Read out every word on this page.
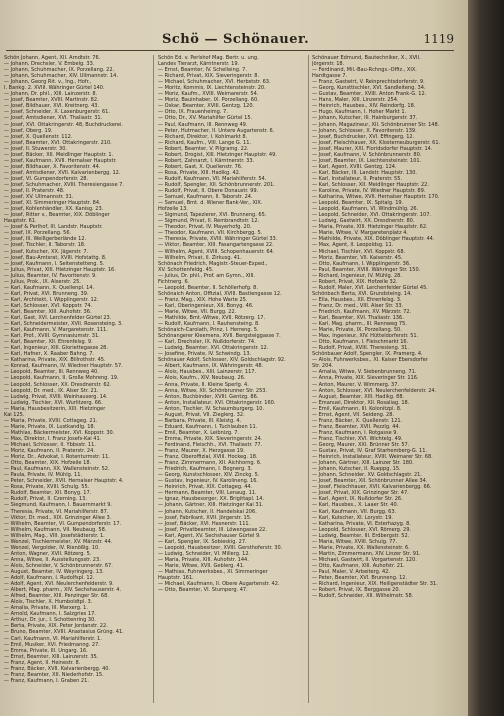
Schö — Schönauer.	1119
Schön Johann, Agent, XII. Arndtstr. 76.
— Johann, Drechsler, V. Embelg. 33.
— Johann, Schuhmacher, IX. Porzellang. 22.
— Johann, Schuhmacher, XIV. Ullmannstr. 14.
— Johann, Georg Rit. v., Ing., Hofr.,
I. Bankg. 2. XVIII. Währinger Gürtel 140.
— Johann, Dr. phil., XIII. Lainzerstr. 8.
— Josef, Beamter, XVIII. Martinstr. 82.
— Josef, Bildhauer, XVI. Kreitnerg. 43.
— Josef, Schneider, X. Laxenburgerstr. 61.
— Josef, Amtsdiener, XVI. Thaliastr. 31.
— Josef, XVI. Ottakringerstr. 48, Buchdruckerei.
— Josef, Oberg. 19.
— Josef, X. Quellenstr. 112.
— Josef, Beamter, XVI. Ottakringerstr. 210.
— Josef, II. Stuwerstr. 30.
— Josef, Bäcker, XII. Meidlinger Hauptstr. 1.
— Josef, Kaufmann, XVII. Hernalser Hauptstr.
— Josef, Bildhauer, X. Favoritenstr. 44.
— Josef, Amtsdiener, XVII. Kalvarienbergg. 12.
— Josef, VI. Gumpendorferstr. 28.
— Josef, Schuhmacher, XVIII. Theresiengasse 7.
— Josef, II. Praterstr. 48.
— Josef, XV. Ullmannstr. 31.
— Josef, XI. Simmeringer Hauptstr. 84.
— Josef, Kohlenhändler, XX. Kanisg. 23.
— Josef, Ritter v., Beamter, XIX. Döblinger
Hauptstr. 61.
— Josef & Perlhof, III. Landstr. Hauptstr.
— Josef, IX. Porzellang. 56.
— Josef, III. Weißgerberlände 12.
— Josef, Tischler, II. Taborstr. 18.
— Josef, Kutscher, XX. Jägerstr. 7.
— Josef, Bau-Amtsrat, XVIII. Hofstattg. 8.
— Josef, Kaufmann, I. Seitenstetteng. 5.
— Julius, Privat, XIII. Hietzinger Hauptstr. 16.
— Julius, Beamter, IV. Favoritenstr. 9.
— Julius, Prok., IX. Alserstr. 25.
— Karl, Kaufmann, X. Quellenpl. 14.
— Karl, Privat, XVI. Brunneng. 39.
— Karl, Architekt, I. Wipplingerstr. 12.
— Karl, Schlosser, XVI. Koppstr. 74.
— Karl, Beamter, XIII. Auhofstr. 36.
— Karl, Gast, XVI. Lerchenfelder Gürtel 23.
— Karl, Schneidermeister, XVII. Rosensteing. 3.
— Karl, Kaufmann, V. Margaretenstr. 111.
— Karl, Prof., XVIII. Gymnasiumstr. 31.
— Karl, Beamter, XII. Ehrenfelsg. 9.
— Karl, Ingenieur, XIII. Gloriettegasse 28.
— Karl, Hafner, X. Raaber Bahng. 7.
— Katharina, Private, XIX. Billrothstr. 45.
— Konrad, Kaufmann, IV. Wiedner Hauptstr. 57.
— Leopold, Beamter, III. Rennweg 40.
— Leopold, Kaufmann, II. Große Mohreng. 19.
— Leopold, Schlosser, XX. Dresdnerstr. 62.
— Leopold, Dr. med., IX. Alser Str. 21.
— Ludwig, Privat, XVIII. Weinhauserg. 14.
— Ludwig, Tischler, XVI. Wurlitzerg. 66.
— Maria, Hausbesitzerin, XIII. Hietzinger
Kai 125.
— Maria, Private, XVIII. Cottageg. 21.
— Marie, Private, IX. Lustkandlg. 18.
— Mathias, Bäckermeister, XVI. Koppstr. 30.
— Max, Direktor, I. Franz Josefs-Kai 41.
— Michael, Schlosser, II. Ybbsstr. 11.
— Moriz, Kaufmann, II. Praterstr. 24.
— Moriz, Dr., Advokat, I. Rotenturmstr. 11.
— Otto, Beamter, XIX. Hofzeile 18.
— Paul, Kaufmann, XX. Wallensteinstr. 52.
— Paula, Private, IV. Mühlg. 11.
— Peter, Schneider, XVII. Hernalser Hauptstr. 4.
— Rosa, Private, XVIII. Schulg. 55.
— Rudolf, Beamter, XII. Bonyg. 17.
— Rudolf, Privat, II. Czerning. 13.
— Siegmund, Kaufmann, I. Bauernmarkt 9.
— Theresia, Private, VI. Mariahilferstr. 87.
— Viktor, Dr. med., XIX. Grinzinger Allee 3.
— Wilhelm, Beamter, VI. Gumpendorferstr. 17.
— Wilhelm, Kaufmann, VII. Neubaug. 58.
— Wilhelm, Mag., VIII. Josefstädterstr. 1.
— Wenzel, Tischlermeister, XV. Märzstr. 44.
— Wenzel, Vergolder, IV. Rienößlg. 10.
— Anton, Wagner, XVII. Rötzerg. 5.
— Anna, Witwe, II. Ausstellungsstr. 23.
— Alois, Schneider, V. Schönbrunnerstr. 67.
— August, Beamter, IV. Weyringerg. 13.
— Adolf, Kaufmann, I. Rudolfspl. 12.
— Adolf, Agent, XVI. Neulerchenfelderstr. 9.
— Albert, Mag. pharm., XIV. Sechshauserstr. 4.
— Alfred, Beamter, XIII. Penzinger Str. 68.
— Alois, Tischler, X. Humboldtpl. 3.
— Amalia, Private, III. Marxerg. 1.
— Arnold, Kaufmann, I. Salzgries 17.
— Arthur, Dr. jur., I. Schottenring 30.
— Berta, Private, XIX. Peter Jordanstr. 22.
— Bruno, Beamter, XVIII. Anastasius Grüng. 41.
— Carl, Kaufmann, VI. Mariahilferstr. 1.
— Emil, Musiker, XVI. Friedmanng. 27.
— Emma, Private, III. Ungarg. 16.
— Ernst, Beamter, XIII. Lainzerstr. 35.
— Franz, Agent, II. Heinestr. 8.
— Franz, Bäcker, XVII. Kalvarienbergg. 40.
— Franz, Beamter, XII. Niederhofstr. 15.
— Franz, Kaufmann, I. Graben 21.
Schön Ed. v. Perlshof Mag. Bertr. u. ung.
Landes Tierarzt, Kärntnerstr. 19.
— Ernst, Beamter, IV. Schelleing. 7.
— Richard, Privat, XIX. Sieveringerstr. 8.
— Michael, Schuhmacher, XVI. Herbststr. 63.
— Moritz, Kommis, IX. Liechtensteinstr. 20.
— Moriz, Kaufm., XVIII. Weimarerstr. 54.
— Moriz, Bauinhaber, IX. Porzellang. 60.
— Oskar, Beamter, XVIII. Gentzg. 120.
— Otto, IX. Frauenheimg. 7.
— Otto, Dr., XV. Mariahilfer Gürtel 15.
— Paul, Kaufmann, III. Rennweg 49.
— Peter, Hutmacher, II. Untere Augartenstr. 6.
— Richard, Direktor, I. Kohlmarkt 8.
— Richard, Kaufm., VIII. Lange G. 11.
— Robert, Beamter, V. Pilgramg. 22.
— Robert, Drogist, XIII. Hietzinger Hauptstr. 49.
— Robert, Zahnarzt, I. Kärntnerstr. 33.
— Robert, Gast, X. Quellenstr. 76.
— Rosa, Private, XIII. Hadikg. 42.
— Rudolf, Kaufmann, VII. Mariahilferstr. 54.
— Rudolf, Spengler, XII. Schönbrunnerstr. 201.
— Rudolf, Privat, II. Obere Donaustr. 99.
— Samuel, Kaufmann, II. Taborstr. 24.
— Samuel, Bmt. d. Wiener Bank-Ver., XIX.
Hofzeile 13.
— Sigmund, Tapezierer, XVI. Brunneng. 65.
— Sigmund, Privat, II. Rembrandtstr. 12.
— Theodor, Privat, IV. Mayerhofg. 20.
— Theodor, Kaufmann, VII. Kirchbergg. 5.
— Theresia, Private, XVIII. Währinger Gürtel 33.
— Viktor, Beamter, XIII. Fasangartengasse 22.
— Wilhelm, Agent, XVIII. Schopenhauerstr. 64.
— Wilhelm, Privat, II. Zirkusg. 41.
Schönach Friedrich, Magistr.-Steuer-Exped.,
XV. Schottenfeldg. 45.
— Julius, Dr. phil., Prof. am Gymn., XIII.
Fichtnerg. 6.
— Leopold, Beamter, II. Schöllerhofg. 8.
Schönaich Anton, Offizial, XVIII. Bastiengasse 12.
— Franz, Mag., XIX. Hohe Warte 25.
— Karl, Oberingenieur, XII. Bonyg. 46.
— Marie, Witwe, VII. Burgg. 22.
— Mathilde, Bmt.-Witwe, XVII. Rötzerg. 17.
— Rudolf, Kaufmann, I. Rauhensteing. 8.
Schönaich-Carolath, Prinz, I. Herreng. 5.
Schönangerer Kleemens, XVII. Bergsteiggasse 7.
— Karl, Drechsler, IX. Nußdorferstr. 74.
— Ludwig, Beamter, XVI. Ottakringerstr. 12.
— Josefine, Private, IV. Schwindg. 13.
Schönauer Adolf, Schlosser, XIV. Goldschlagstr. 92.
— Albert, Kaufmann, IX. Währingerstr. 48.
— Alois, Hausbes., XIII. Lainzerstr. 117.
— Alois, Kaufm., XIV. Neubaug. 26.
— Anna, Private, II. Kleine Sperlg. 4.
— Anna, Witwe, XII. Schönbrunner Str. 253.
— Anton, Buchbinder, XVIII. Gentzg. 86.
— Anton, Installateur, XVI. Ottakringerstr. 160.
— Anton, Tischler, IV. Schaumburgerg. 10.
— August, Privat, VII. Zieglerg. 32.
— Barbara, Private, III. Kleistg. 4.
— Eduard, Kaufmann, I. Tuchlauben 11.
— Emil, Beamter, X. Leibnizg. 7.
— Emma, Private, XIX. Sieveringerstr. 24.
— Ferdinand, Fleischh., XVI. Thaliastr. 77.
— Franz, Maurer, X. Herzgasse 19.
— Franz, Oberoffizial, XVIII. Hockeg. 18.
— Franz, Zimmermann, XII. Aichhorng. 6.
— Friedrich, Kaufmann, I. Bognerg. 3.
— Georg, Kunstschlosser, XIV. Zinckg. 5.
— Gustav, Ingenieur, IV. Karolineng. 16.
— Heinrich, Privat, XIX. Cottageg. 44.
— Hermann, Beamter, VIII. Lenaug. 11.
— Ignaz, Hausbesorger, XX. Brigittapl. 14.
— Johann, Gärtner, XIII. Hietzinger Kai 31.
— Johann, Kutscher, II. Handelskai 206.
— Josef, Fabrikant, XVII. Jörgerstr. 15.
— Josef, Bäcker, XVI. Hasnerstr. 111.
— Josef, Privatbeamter, III. Löwengasse 22.
— Karl, Agent, XV. Sechshauser Gürtel 9.
— Karl, Spengler, IX. Sobieskig. 27.
— Leopold, Hausbesitzer, XVIII. Gersthoferstr. 30.
— Ludwig, Schneider, VI. Millerg. 12.
— Maria, Private, XIII. Auhofstr. 144.
— Marie, Witwe, XVII. Geblerg. 41.
— Mathias, Fuhrwerksbes., XI. Simmeringer
Hauptstr. 161.
— Michael, Kaufmann, II. Obere Augartenstr. 42.
— Otto, Beamter, VI. Stumperg. 47.
Schönauer Edmund, Bautechniker, X., XVII.
Jörgerstr. 18.
— Ferdinand, Mil.-Bau-Rchngs.-Offiz., XIX.
Hardtgasse 7.
— Franz, Gastwirt, V. Reinprechtsdorferstr. 9.
— Georg, Kunsttischler, XVI. Sandleiteng. 34.
— Gustav, Beamter, XVIII. Anton Frank-G. 12.
— Hans, Maler, XIII. Linzerstr. 254.
— Heinrich, Hausbes., XIV. Reindorfg. 18.
— Hugo, Kaufmann, I. Hoher Markt 1.
— Johann, Kutscher, III. Hainburgerstr. 37.
— Johann, Magazineur, XII. Schönbrunner Str. 148.
— Johann, Schlosser, X. Favoritenstr. 139.
— Josef, Buchdrucker, XVI. Effingerg. 12.
— Josef, Fleischhauer, XX. Klosterneuburgerstr. 61.
— Josef, Maurer, XXI. Floridsdorfer Hauptstr. 14.
— Josef, Kaufmann, V. Schönbrunnerstr. 80.
— Josef, Beamter, IX. Liechtensteinstr. 101.
— Karl, Agent, XVIII. Gentzg. 124.
— Karl, Bäcker, III. Landstr. Hauptstr. 130.
— Karl, Installateur, II. Praterstr. 55.
— Karl, Schlosser, XII. Meidlinger Hauptstr. 22.
— Karoline, Private, IV. Wiedner Hauptstr. 89.
— Katharina, Witwe, XVII. Hernalser Hauptstr. 170.
— Leopold, Beamter, IX. Spitalg. 19.
— Leopold, Kaufmann, VI. Windmühlg. 26.
— Leopold, Schneider, XVI. Ottakringerstr. 107.
— Ludwig, Gastwirt, XX. Dresdnerstr. 80.
— Maria, Private, XIII. Hietzinger Hauptstr. 62.
— Marie, Witwe, V. Margaretenplatz 4.
— Mathilde, Private, XIX. Döblinger Hauptstr. 44.
— Max, Agent, II. Leopoldsg. 11.
— Michael, Tischler, XVI. Koppstr. 68.
— Moriz, Beamter, VII. Kaiserstr. 45.
— Otto, Kaufmann, I. Wipplingerstr. 36.
— Paul, Beamter, XVIII. Währinger Str. 150.
— Richard, Ingenieur, IV. Mühlg. 28.
— Robert, Privat, XIX. Hofzeile 32.
— Rudolf, Maler, XVI. Lerchenfelder Gürtel 45.
Schönbach Berta, XVI. Grundsteing. 14.
— Ella, Hausbes., XII. Ehrenfelsg. 3.
— Franz, Dr. med., VIII. Alser Str. 33.
— Friedrich, Kaufmann, XV. Märzstr. 72.
— Karl, Beamter, XVI. Thaliastr. 136.
— Karl, Mag. pharm., III. Rennweg 75.
— Marie, Private, IX. Porzellang. 50.
— Max, Ingenieur, XIV. Hütteldorferstr. 51.
— Otto, Kaufmann, I. Fleischmarkt 16.
— Rudolf, Privat, XVIII. Theresieng. 31.
Schönbauer Adolf, Spengler, IX. Pramerg. 4.
— Alois, Fuhrwerksbes., XI. Kaiser Ebersdorfer
Str. 204.
— Amalia, Witwe, V. Siebenbrunneng. 71.
— Anna, Private, XIX. Sieveringer Str. 116.
— Anton, Maurer, V. Wimmerg. 37.
— Anton, Schlosser, XVI. Neulerchenfelderstr. 24.
— August, Beamter, XIII. Hadikg. 88.
— Emanuel, Direktor, XII. Rosaliag. 18.
— Emil, Kaufmann, III. Kolonitzpl. 8.
— Ernst, Agent, VII. Seideng. 28.
— Franz, Bäcker, X. Quellenstr. 121.
— Franz, Beamter, XVII. Pezzlg. 44.
— Franz, Kaufmann, I. Rotgasse 9.
— Franz, Tischler, XVI. Wichtelg. 49.
— Georg, Maurer, XXI. Brünner Str. 57.
— Gustav, Privat, IV. Graf Starhemberg-G. 11.
— Heinrich, Installateur, XVIII. Weimarer Str. 68.
— Johann, Gärtner, XIII. Lainzer Str. 180.
— Johann, Kutscher, II. Rueppg. 15.
— Johann, Schneider, XV. Goldschlagstr. 21.
— Josef, Beamter, XII. Schönbrunner Allee 34.
— Josef, Fleischhauer, XVII. Kalvarienbergg. 66.
— Josef, Privat, XIX. Grinzinger Str. 47.
— Karl, Agent, IX. Nußdorfer Str. 26.
— Karl, Hausbes., X. Laaer Str. 40.
— Karl, Kaufmann, VII. Burgg. 63.
— Karl, Kutscher, XI. Lorystr. 19.
— Katharina, Private, VI. Esterhazyg. 8.
— Leopold, Schlosser, XVI. Römerg. 29.
— Ludwig, Beamter, III. Erdbergstr. 52.
— Maria, Witwe, XVIII. Schulg. 77.
— Marie, Private, XX. Wallensteinstr. 6.
— Martin, Zimmermann, XIV. Linzer Str. 91.
— Michael, Gastwirt, II. Vorgartenstr. 120.
— Otto, Kaufmann, XIII. Auhofstr. 21.
— Paul, Maler, V. Arbeiterg. 42.
— Peter, Beamter, XVI. Brunneng. 12.
— Richard, Ingenieur, XIX. Heiligenstädter Str. 31.
— Robert, Privat, IX. Berggasse 20.
— Rudolf, Schneider, XII. Wilhelmstr. 58.
